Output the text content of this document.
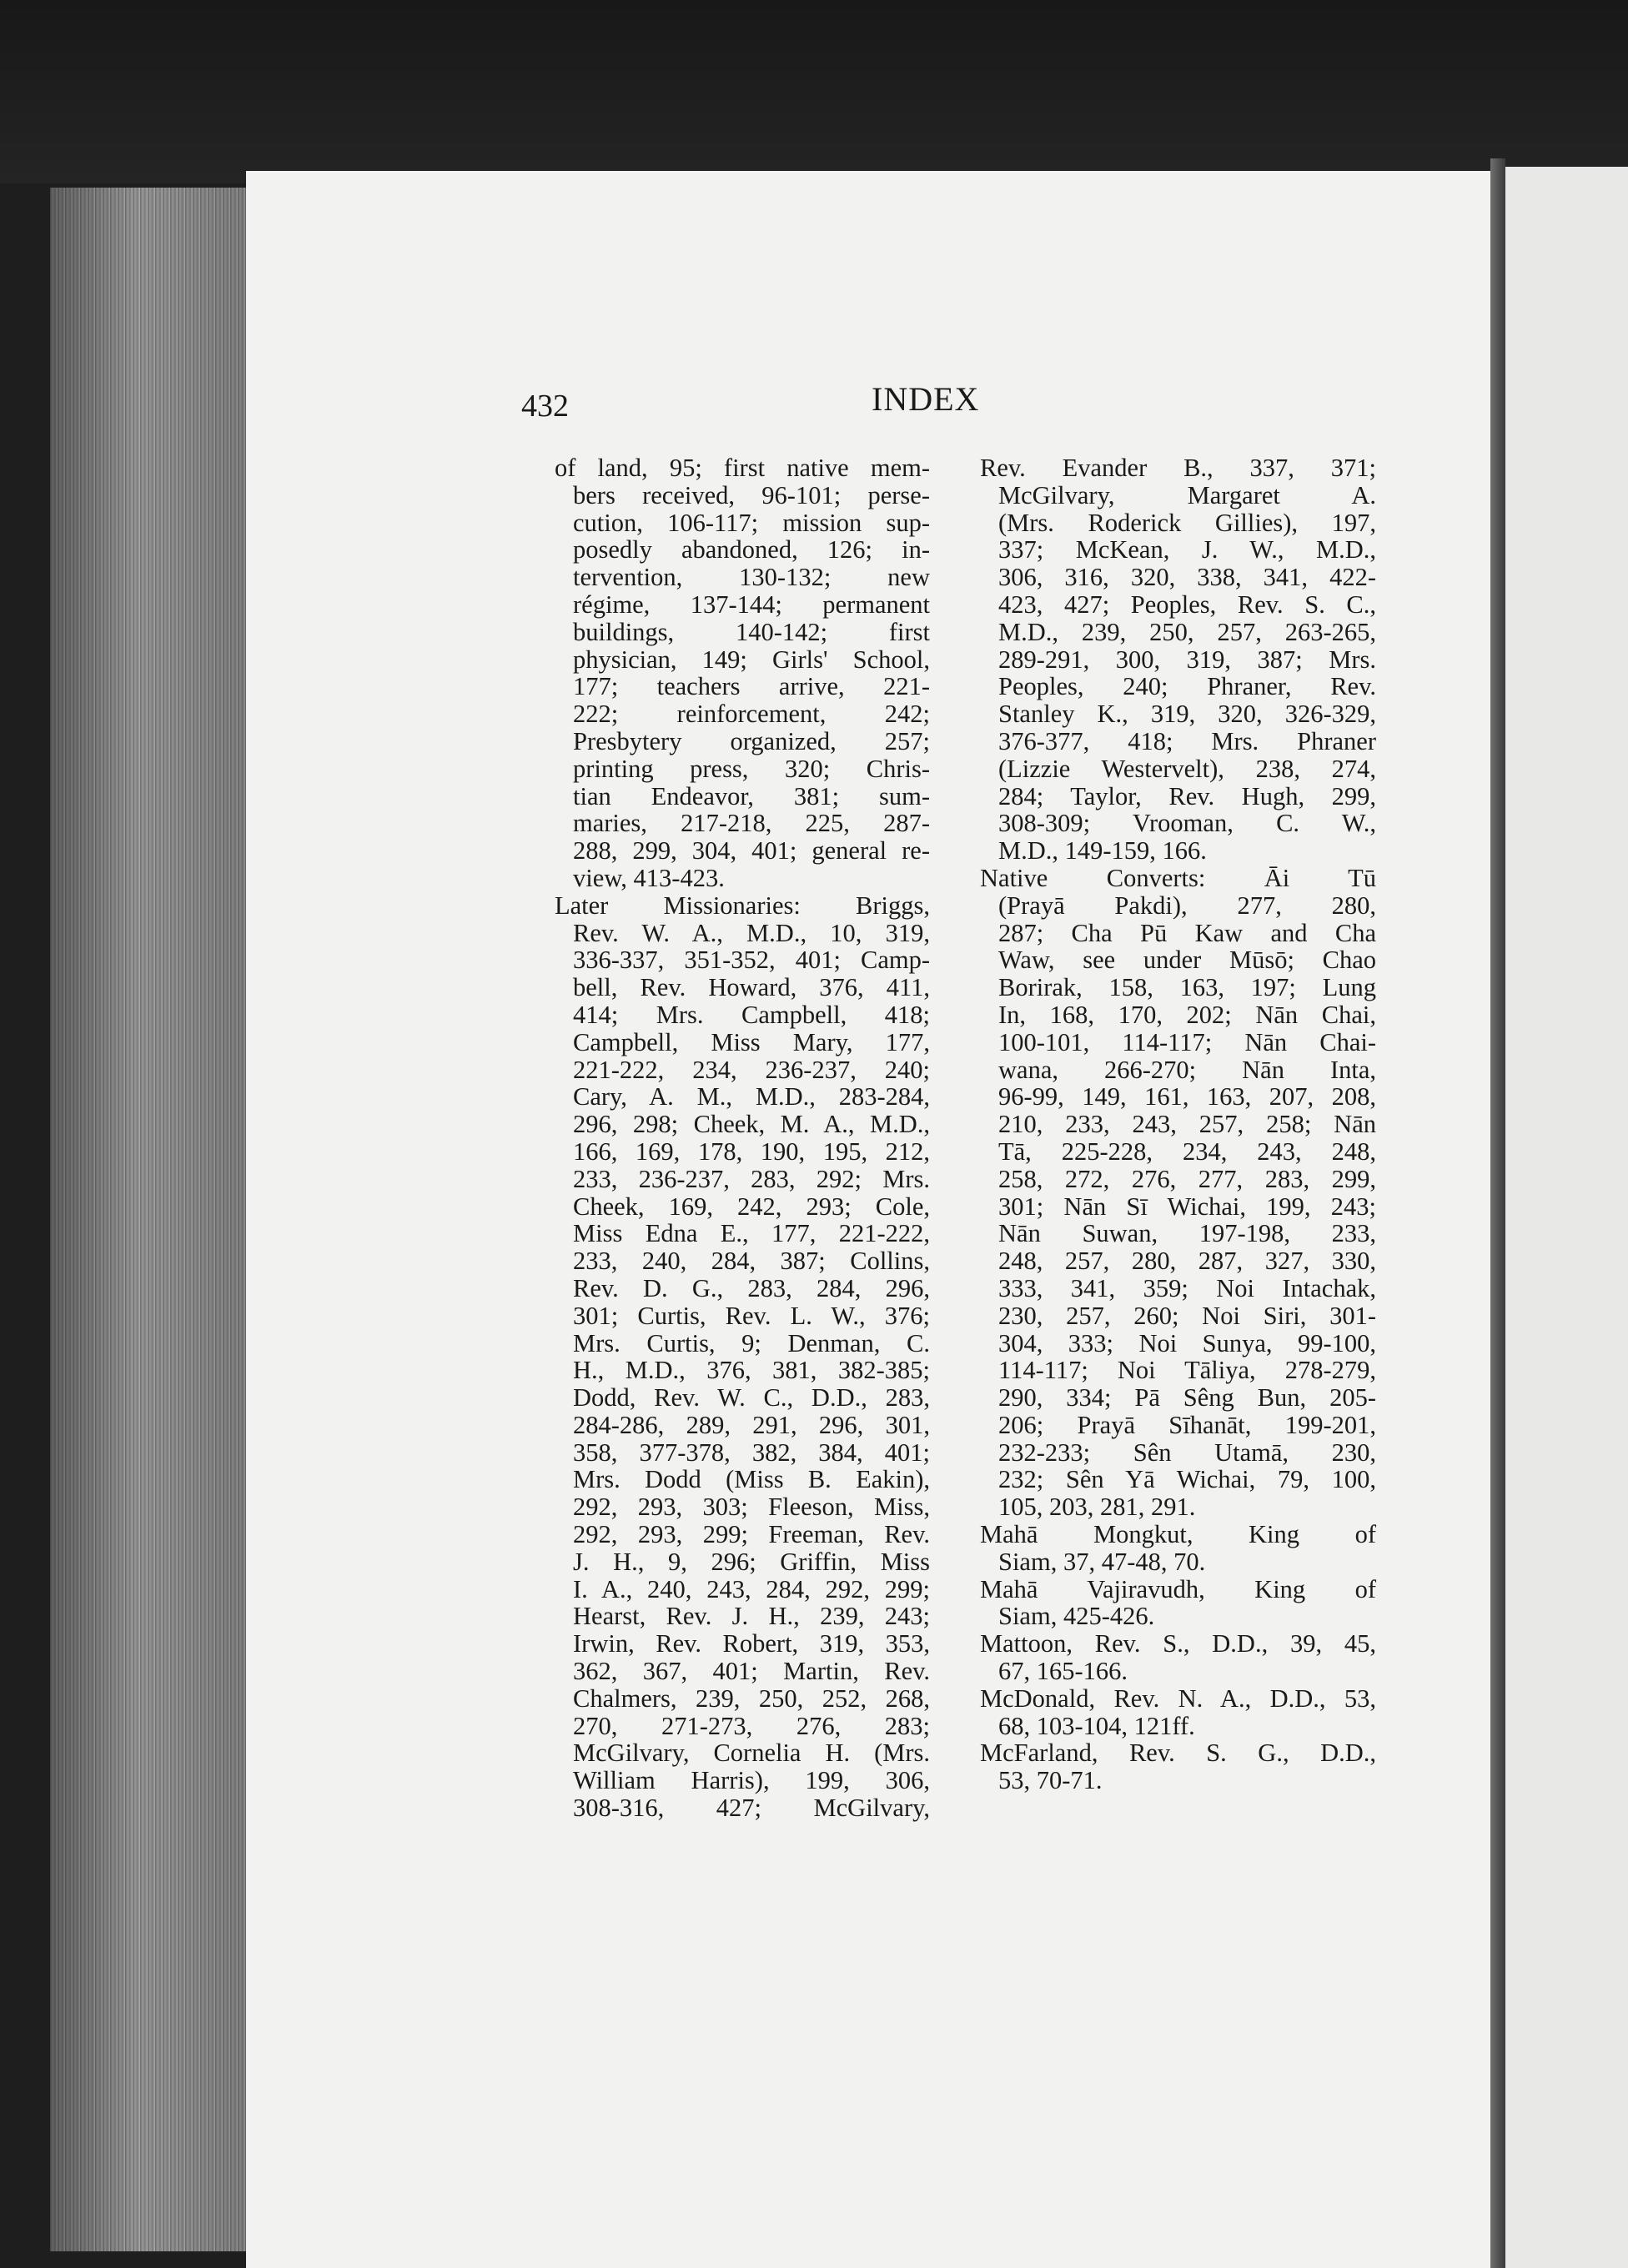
432	INDEX
of land, 95; first native mem-
bers received, 96-101; perse-
cution, 106-117; mission sup-
posedly abandoned, 126; in-
tervention, 130-132; new
régime, 137-144; permanent
buildings, 140-142; first
physician, 149; Girls' School,
177; teachers arrive, 221-
222; reinforcement, 242;
Presbytery organized, 257;
printing press, 320; Chris-
tian Endeavor, 381; sum-
maries, 217-218, 225, 287-
288, 299, 304, 401; general re-
view, 413-423.
Later Missionaries: Briggs,
Rev. W. A., M.D., 10, 319,
336-337, 351-352, 401; Camp-
bell, Rev. Howard, 376, 411,
414; Mrs. Campbell, 418;
Campbell, Miss Mary, 177,
221-222, 234, 236-237, 240;
Cary, A. M., M.D., 283-284,
296, 298; Cheek, M. A., M.D.,
166, 169, 178, 190, 195, 212,
233, 236-237, 283, 292; Mrs.
Cheek, 169, 242, 293; Cole,
Miss Edna E., 177, 221-222,
233, 240, 284, 387; Collins,
Rev. D. G., 283, 284, 296,
301; Curtis, Rev. L. W., 376;
Mrs. Curtis, 9; Denman, C.
H., M.D., 376, 381, 382-385;
Dodd, Rev. W. C., D.D., 283,
284-286, 289, 291, 296, 301,
358, 377-378, 382, 384, 401;
Mrs. Dodd (Miss B. Eakin),
292, 293, 303; Fleeson, Miss,
292, 293, 299; Freeman, Rev.
J. H., 9, 296; Griffin, Miss
I. A., 240, 243, 284, 292, 299;
Hearst, Rev. J. H., 239, 243;
Irwin, Rev. Robert, 319, 353,
362, 367, 401; Martin, Rev.
Chalmers, 239, 250, 252, 268,
270, 271-273, 276, 283;
McGilvary, Cornelia H. (Mrs.
William Harris), 199, 306,
308-316, 427; McGilvary,
Rev. Evander B., 337, 371;
McGilvary, Margaret A.
(Mrs. Roderick Gillies), 197,
337; McKean, J. W., M.D.,
306, 316, 320, 338, 341, 422-
423, 427; Peoples, Rev. S. C.,
M.D., 239, 250, 257, 263-265,
289-291, 300, 319, 387; Mrs.
Peoples, 240; Phraner, Rev.
Stanley K., 319, 320, 326-329,
376-377, 418; Mrs. Phraner
(Lizzie Westervelt), 238, 274,
284; Taylor, Rev. Hugh, 299,
308-309; Vrooman, C. W.,
M.D., 149-159, 166.
Native Converts: Āi Tū
(Prayā Pakdi), 277, 280,
287; Cha Pū Kaw and Cha
Waw, see under Mūsō; Chao
Borirak, 158, 163, 197; Lung
In, 168, 170, 202; Nān Chai,
100-101, 114-117; Nān Chai-
wana, 266-270; Nān Inta,
96-99, 149, 161, 163, 207, 208,
210, 233, 243, 257, 258; Nān
Tā, 225-228, 234, 243, 248,
258, 272, 276, 277, 283, 299,
301; Nān Sī Wichai, 199, 243;
Nān Suwan, 197-198, 233,
248, 257, 280, 287, 327, 330,
333, 341, 359; Noi Intachak,
230, 257, 260; Noi Siri, 301-
304, 333; Noi Sunya, 99-100,
114-117; Noi Tāliya, 278-279,
290, 334; Pā Sêng Bun, 205-
206; Prayā Sīhanāt, 199-201,
232-233; Sên Utamā, 230,
232; Sên Yā Wichai, 79, 100,
105, 203, 281, 291.
Mahā Mongkut, King of
Siam, 37, 47-48, 70.
Mahā Vajiravudh, King of
Siam, 425-426.
Mattoon, Rev. S., D.D., 39, 45,
67, 165-166.
McDonald, Rev. N. A., D.D., 53,
68, 103-104, 121ff.
McFarland, Rev. S. G., D.D.,
53, 70-71.
